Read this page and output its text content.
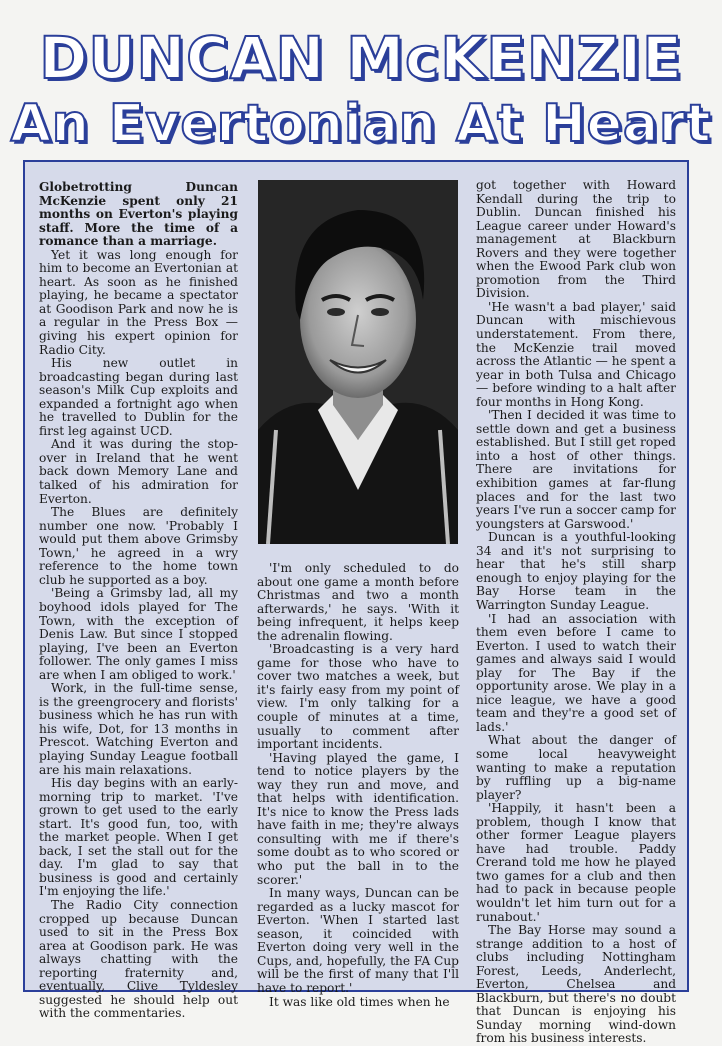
DUNCAN McKENZIE
An Evertonian At Heart

Globetrotting Duncan McKenzie spent only 21 months on Everton's playing staff. More the time of a romance than a marriage.

Yet it was long enough for him to become an Evertonian at heart. As soon as he finished playing, he became a spectator at Goodison Park and now he is a regular in the Press Box — giving his expert opinion for Radio City.

His new outlet in broadcasting began during last season's Milk Cup exploits and expanded a fortnight ago when he travelled to Dublin for the first leg against UCD.

And it was during the stop-over in Ireland that he went back down Memory Lane and talked of his admiration for Everton.

The Blues are definitely number one now. 'Probably I would put them above Grimsby Town,' he agreed in a wry reference to the home town club he supported as a boy.

'Being a Grimsby lad, all my boyhood idols played for The Town, with the exception of Denis Law. But since I stopped playing, I've been an Everton follower. The only games I miss are when I am obliged to work.'

Work, in the full-time sense, is the greengrocery and florists' business which he has run with his wife, Dot, for 13 months in Prescot. Watching Everton and playing Sunday League football are his main relaxations.

His day begins with an early-morning trip to market. 'I've grown to get used to the early start. It's good fun, too, with the market people. When I get back, I set the stall out for the day. I'm glad to say that business is good and certainly I'm enjoying the life.'

The Radio City connection cropped up because Duncan used to sit in the Press Box area at Goodison park. He was always chatting with the reporting fraternity and, eventually, Clive Tyldesley suggested he should help out with the commentaries.

'I'm only scheduled to do about one game a month before Christmas and two a month afterwards,' he says. 'With it being infrequent, it helps keep the adrenalin flowing.

'Broadcasting is a very hard game for those who have to cover two matches a week, but it's fairly easy from my point of view. I'm only talking for a couple of minutes at a time, usually to comment after important incidents.

'Having played the game, I tend to notice players by the way they run and move, and that helps with identification. It's nice to know the Press lads have faith in me; they're always consulting with me if there's some doubt as to who scored or who put the ball in to the scorer.'

In many ways, Duncan can be regarded as a lucky mascot for Everton. 'When I started last season, it coincided with Everton doing very well in the Cups, and, hopefully, the FA Cup will be the first of many that I'll have to report.'

It was like old times when he

got together with Howard Kendall during the trip to Dublin. Duncan finished his League career under Howard's management at Blackburn Rovers and they were together when the Ewood Park club won promotion from the Third Division.

'He wasn't a bad player,' said Duncan with mischievous understatement. From there, the McKenzie trail moved across the Atlantic — he spent a year in both Tulsa and Chicago — before winding to a halt after four months in Hong Kong.

'Then I decided it was time to settle down and get a business established. But I still get roped into a host of other things. There are invitations for exhibition games at far-flung places and for the last two years I've run a soccer camp for youngsters at Garswood.'

Duncan is a youthful-looking 34 and it's not surprising to hear that he's still sharp enough to enjoy playing for the Bay Horse team in the Warrington Sunday League.

'I had an association with them even before I came to Everton. I used to watch their games and always said I would play for The Bay if the opportunity arose. We play in a nice league, we have a good team and they're a good set of lads.'

What about the danger of some local heavyweight wanting to make a reputation by ruffling up a big-name player?

'Happily, it hasn't been a problem, though I know that other former League players have had trouble. Paddy Crerand told me how he played two games for a club and then had to pack in because people wouldn't let him turn out for a runabout.'

The Bay Horse may sound a strange addition to a host of clubs including Nottingham Forest, Leeds, Anderlecht, Everton, Chelsea and Blackburn, but there's no doubt that Duncan is enjoying his Sunday morning wind-down from his business interests.
